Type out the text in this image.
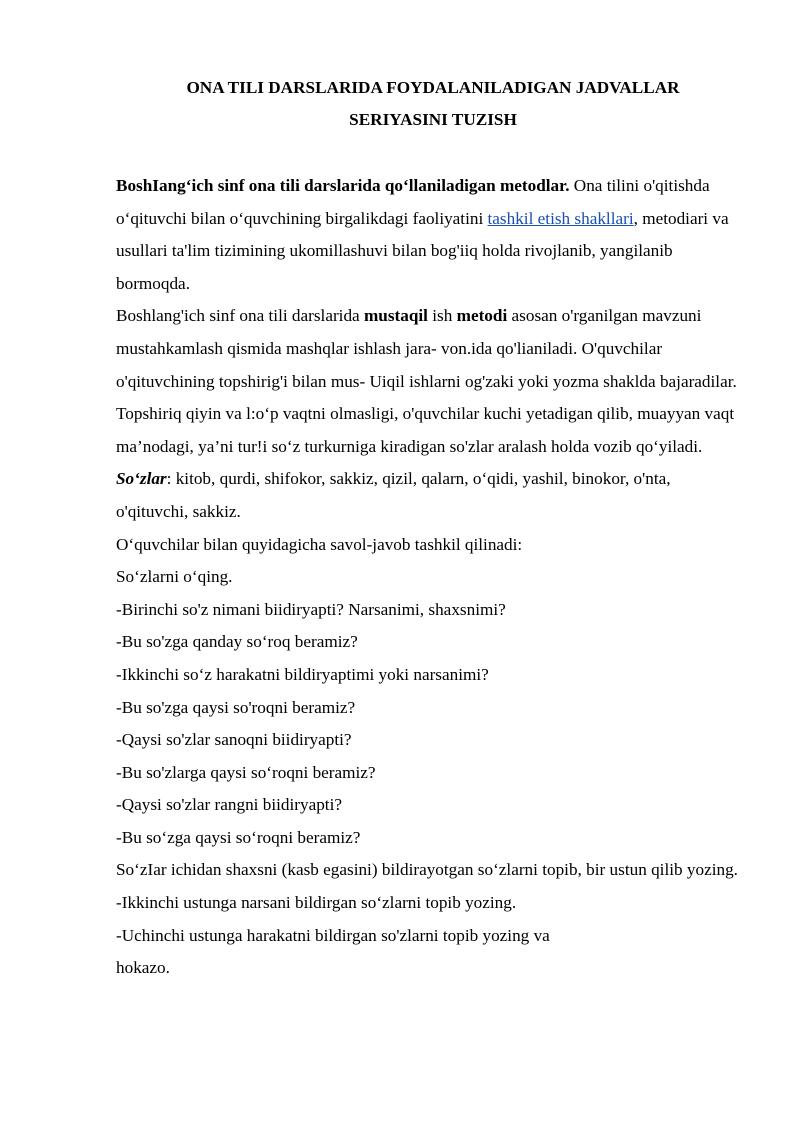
ONA TILI DARSLARIDA FOYDALANILADIGAN JADVALLAR
SERIYASINI TUZISH

BoshIang‘ich sinf ona tili darslarida qo‘llaniladigan metodlar. Ona tilini o'qitishda o‘qituvchi bilan o‘quvchining birgalikdagi faoliyatini tashkil etish shakllari, metodiari va usullari ta'lim tizimining ukomillashuvi bilan bog'iiq holda rivojlanib, yangilanib bormoqda.

Boshlang'ich sinf ona tili darslarida mustaqil ish metodi asosan o'rganilgan mavzuni mustahkamlash qismida mashqlar ishlash jara- von.ida qo'lianiladi. O'quvchilar o'qituvchining topshirig'i bilan mus- Uiqil ishlarni og'zaki yoki yozma shaklda bajaradilar. Topshiriq qiyin va l:o‘p vaqtni olmasligi, o'quvchilar kuchi yetadigan qilib, muayyan vaqt ma’nodagi, ya’ni tur!i so‘z turkurniga kiradigan so'zlar aralash holda vozib qo‘yiladi.

So‘zlar: kitob, qurdi, shifokor, sakkiz, qizil, qalarn, o‘qidi, yashil, binokor, o'nta, o'qituvchi, sakkiz.

O‘quvchilar bilan quyidagicha savol-javob tashkil qilinadi:

So‘zlarni o‘qing.

-Birinchi so'z nimani biidiryapti? Narsanimi, shaxsnimi?

-Bu so'zga qanday so‘roq beramiz?

-Ikkinchi so‘z harakatni bildiryaptimi yoki narsanimi?

-Bu so'zga qaysi so'roqni beramiz?

-Qaysi so'zlar sanoqni biidiryapti?

-Bu so'zlarga qaysi so‘roqni beramiz?

-Qaysi so'zlar rangni biidiryapti?

-Bu so‘zga qaysi so‘roqni beramiz?

So‘zIar ichidan shaxsni (kasb egasini) bildirayotgan so‘zlarni topib, bir ustun qilib yozing.

-Ikkinchi ustunga narsani bildirgan so‘zlarni topib yozing.

-Uchinchi ustunga harakatni bildirgan so'zlarni topib yozing va

hokazo.
